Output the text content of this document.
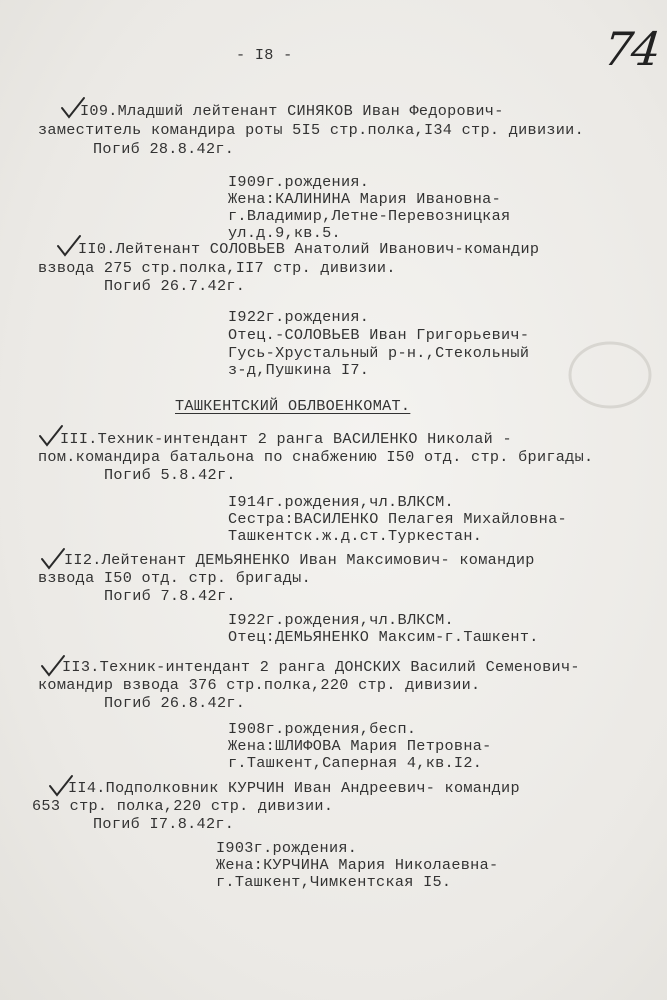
74
- I8 -
I09.Младший лейтенант СИНЯКОВ Иван Федорович-
заместитель командира роты 5I5 стр.полка,I34 стр. дивизии.
Погиб 28.8.42г.
I909г.рождения.
Жена:КАЛИНИНА Мария Ивановна-
г.Владимир,Летне-Перевозницкая
ул.д.9,кв.5.
II0.Лейтенант СОЛОВЬЕВ Анатолий Иванович-командир
взвода 275 стр.полка,II7 стр. дивизии.
Погиб 26.7.42г.
I922г.рождения.
Отец.-СОЛОВЬЕВ Иван Григорьевич-
Гусь-Хрустальный р-н.,Стекольный
з-д,Пушкина I7.
ТАШКЕНТСКИЙ ОБЛВОЕНКОМАТ.
III.Техник-интендант 2 ранга ВАСИЛЕНКО Николай -
пом.командира батальона по снабжению I50 отд. стр. бригады.
Погиб 5.8.42г.
I914г.рождения,чл.ВЛКСМ.
Сестра:ВАСИЛЕНКО Пелагея Михайловна-
Ташкентск.ж.д.ст.Туркестан.
II2.Лейтенант ДЕМЬЯНЕНКО Иван Максимович- командир
взвода I50 отд. стр. бригады.
Погиб 7.8.42г.
I922г.рождения,чл.ВЛКСМ.
Отец:ДЕМЬЯНЕНКО Максим-г.Ташкент.
II3.Техник-интендант 2 ранга ДОНСКИХ Василий Семенович-
командир взвода 376 стр.полка,220 стр. дивизии.
Погиб 26.8.42г.
I908г.рождения,бесп.
Жена:ШЛИФОВА Мария Петровна-
г.Ташкент,Саперная 4,кв.I2.
II4.Подполковник КУРЧИН Иван Андреевич- командир
653 стр. полка,220 стр. дивизии.
Погиб I7.8.42г.
I903г.рождения.
Жена:КУРЧИНА Мария Николаевна-
г.Ташкент,Чимкентская I5.
